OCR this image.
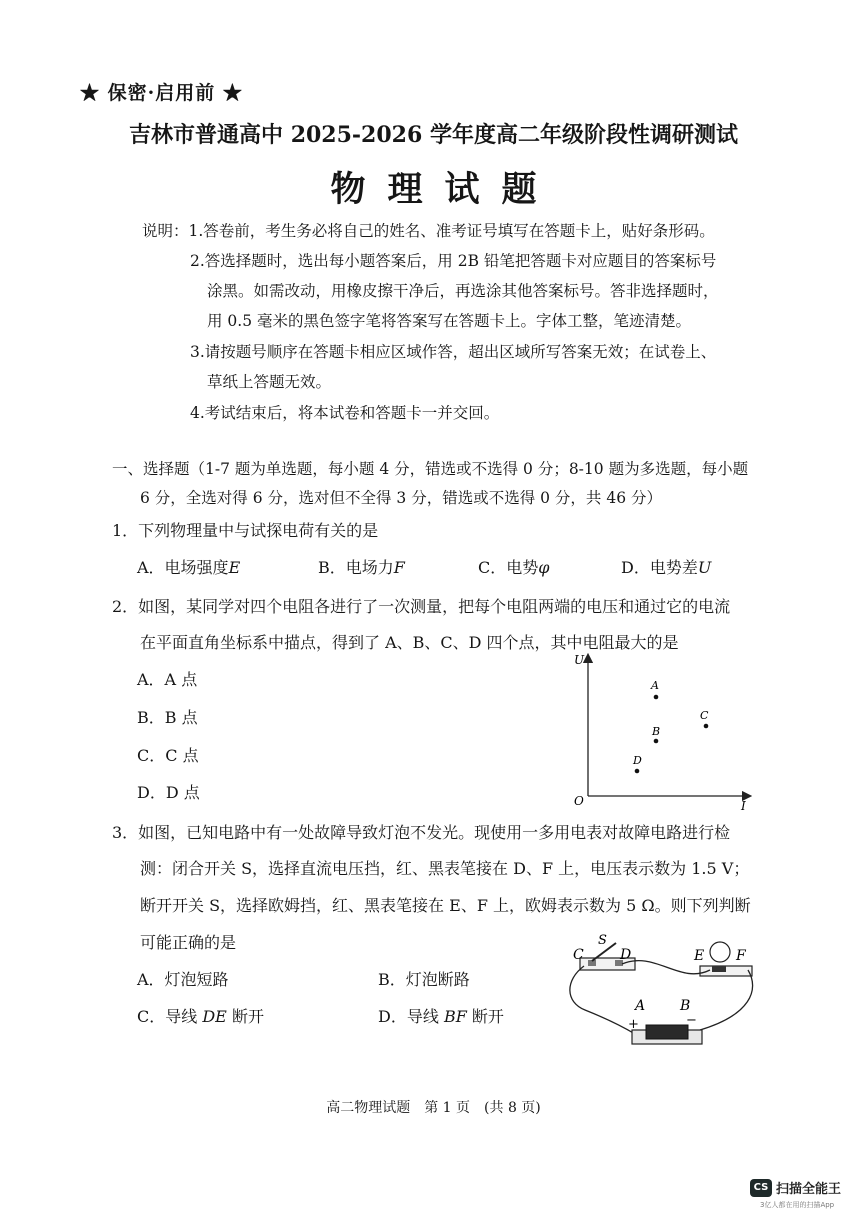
★ 保密·启用前 ★
吉林市普通高中 2025-2026 学年度高二年级阶段性调研测试
物理试题
说明：1.答卷前，考生务必将自己的姓名、准考证号填写在答题卡上，贴好条形码。
2.答选择题时，选出每小题答案后，用 2B 铅笔把答题卡对应题目的答案标号
涂黑。如需改动，用橡皮擦干净后，再选涂其他答案标号。答非选择题时，
用 0.5 毫米的黑色签字笔将答案写在答题卡上。字体工整，笔迹清楚。
3.请按题号顺序在答题卡相应区域作答，超出区域所写答案无效；在试卷上、
草纸上答题无效。
4.考试结束后，将本试卷和答题卡一并交回。
一、选择题（1-7 题为单选题，每小题 4 分，错选或不选得 0 分；8-10 题为多选题，每小题
6 分，全选对得 6 分，选对但不全得 3 分，错选或不选得 0 分，共 46 分）
1．下列物理量中与试探电荷有关的是
A．电场强度E	B．电场力F	C．电势φ	D．电势差U
2．如图，某同学对四个电阻各进行了一次测量，把每个电阻两端的电压和通过它的电流
在平面直角坐标系中描点，得到了 A、B、C、D 四个点，其中电阻最大的是
A．A 点
B．B 点
C．C 点
D．D 点
U
I
O
A
B
C
D
3．如图，已知电路中有一处故障导致灯泡不发光。现使用一多用电表对故障电路进行检
测：闭合开关 S，选择直流电压挡，红、黑表笔接在 D、F 上，电压表示数为 1.5 V；
断开开关 S，选择欧姆挡，红、黑表笔接在 E、F 上，欧姆表示数为 5 Ω。则下列判断
可能正确的是
A．灯泡短路	B．灯泡断路
C．导线 DE 断开	D．导线 BF 断开
S
C	D	E F
A B
+	−
高二物理试题　第 1 页　(共 8 页)
CS 扫描全能王
3亿人都在用的扫描App
